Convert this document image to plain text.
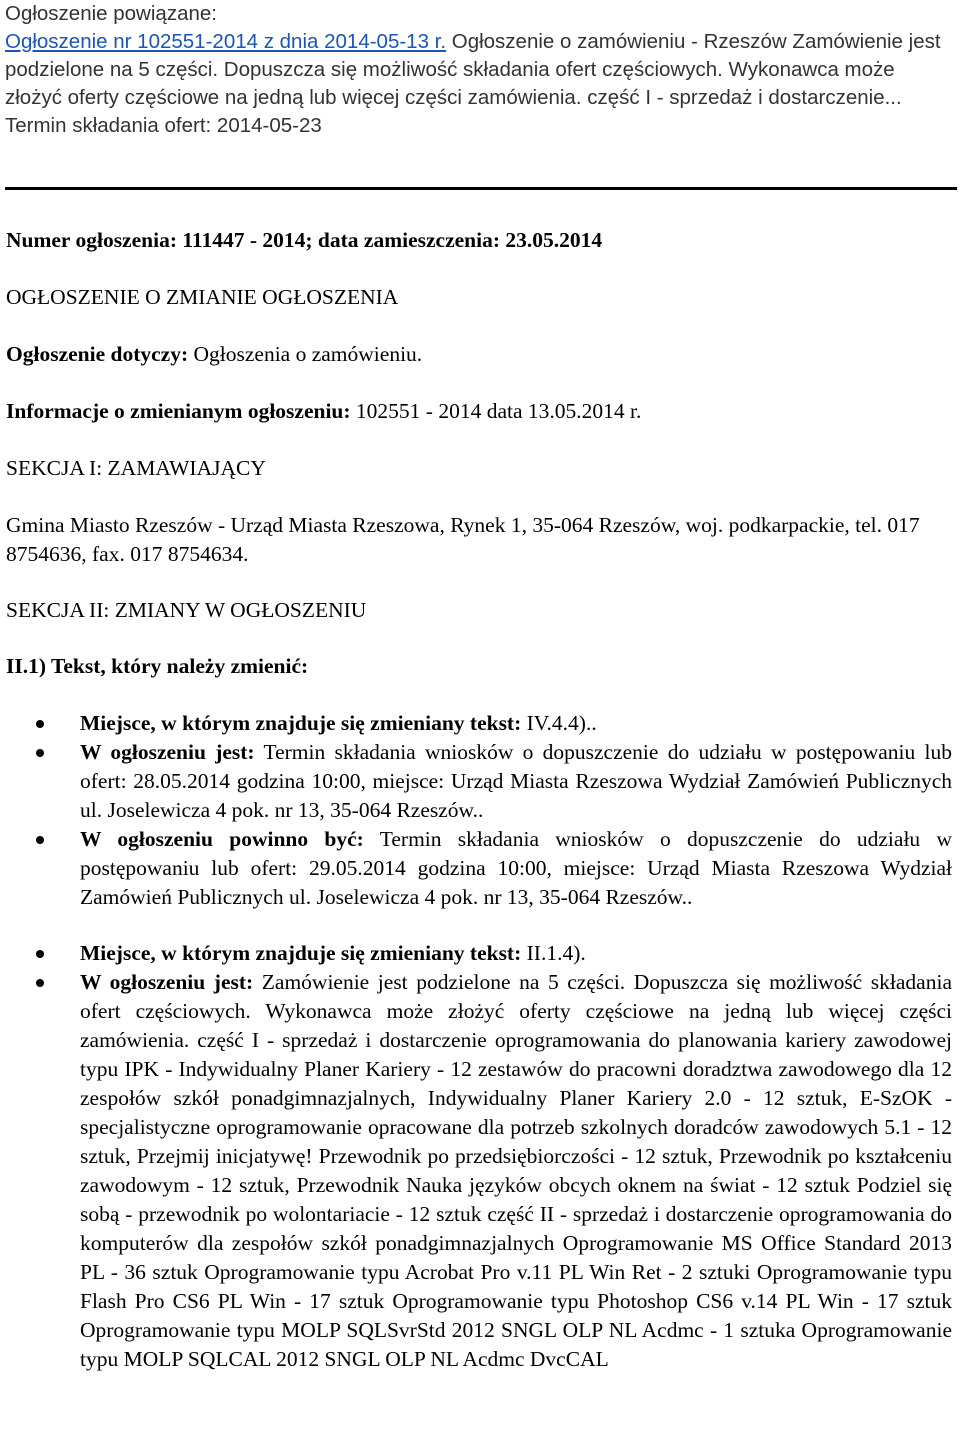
Ogłoszenie powiązane:
Ogłoszenie nr 102551-2014 z dnia 2014-05-13 r. Ogłoszenie o zamówieniu - Rzeszów Zamówienie jest podzielone na 5 części. Dopuszcza się możliwość składania ofert częściowych. Wykonawca może złożyć oferty częściowe na jedną lub więcej części zamówienia. część I - sprzedaż i dostarczenie...
Termin składania ofert: 2014-05-23

Numer ogłoszenia: 111447 - 2014; data zamieszczenia: 23.05.2014

OGŁOSZENIE O ZMIANIE OGŁOSZENIA

Ogłoszenie dotyczy: Ogłoszenia o zamówieniu.

Informacje o zmienianym ogłoszeniu: 102551 - 2014 data 13.05.2014 r.

SEKCJA I: ZAMAWIAJĄCY

Gmina Miasto Rzeszów - Urząd Miasta Rzeszowa, Rynek 1, 35-064 Rzeszów, woj. podkarpackie, tel. 017 8754636, fax. 017 8754634.

SEKCJA II: ZMIANY W OGŁOSZENIU

II.1) Tekst, który należy zmienić:

Miejsce, w którym znajduje się zmieniany tekst: IV.4.4)..
W ogłoszeniu jest: Termin składania wniosków o dopuszczenie do udziału w postępowaniu lub ofert: 28.05.2014 godzina 10:00, miejsce: Urząd Miasta Rzeszowa Wydział Zamówień Publicznych ul. Joselewicza 4 pok. nr 13, 35-064 Rzeszów..
W ogłoszeniu powinno być: Termin składania wniosków o dopuszczenie do udziału w postępowaniu lub ofert: 29.05.2014 godzina 10:00, miejsce: Urząd Miasta Rzeszowa Wydział Zamówień Publicznych ul. Joselewicza 4 pok. nr 13, 35-064 Rzeszów..
Miejsce, w którym znajduje się zmieniany tekst: II.1.4).
W ogłoszeniu jest: Zamówienie jest podzielone na 5 części. Dopuszcza się możliwość składania ofert częściowych. Wykonawca może złożyć oferty częściowe na jedną lub więcej części zamówienia. część I - sprzedaż i dostarczenie oprogramowania do planowania kariery zawodowej typu IPK - Indywidualny Planer Kariery - 12 zestawów do pracowni doradztwa zawodowego dla 12 zespołów szkół ponadgimnazjalnych, Indywidualny Planer Kariery 2.0 - 12 sztuk, E-SzOK - specjalistyczne oprogramowanie opracowane dla potrzeb szkolnych doradców zawodowych 5.1 - 12 sztuk, Przejmij inicjatywę! Przewodnik po przedsiębiorczości - 12 sztuk, Przewodnik po kształceniu zawodowym - 12 sztuk, Przewodnik Nauka języków obcych oknem na świat - 12 sztuk Podziel się sobą - przewodnik po wolontariacie - 12 sztuk część II - sprzedaż i dostarczenie oprogramowania do komputerów dla zespołów szkół ponadgimnazjalnych Oprogramowanie MS Office Standard 2013 PL - 36 sztuk Oprogramowanie typu Acrobat Pro v.11 PL Win Ret - 2 sztuki Oprogramowanie typu Flash Pro CS6 PL Win - 17 sztuk Oprogramowanie typu Photoshop CS6 v.14 PL Win - 17 sztuk Oprogramowanie typu MOLP SQLSvrStd 2012 SNGL OLP NL Acdmc - 1 sztuka Oprogramowanie typu MOLP SQLCAL 2012 SNGL OLP NL Acdmc DvcCAL
